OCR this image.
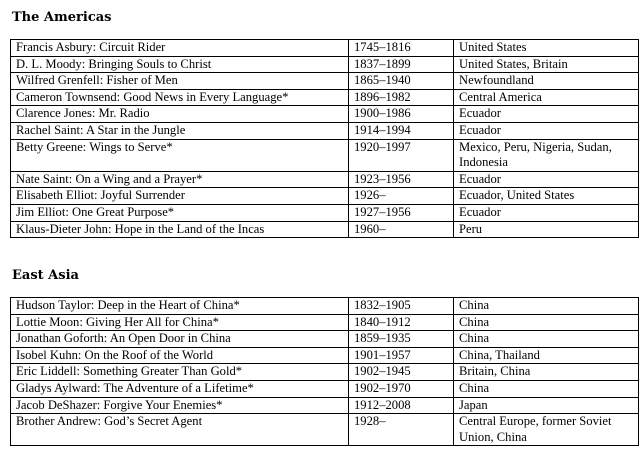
The Americas
Francis Asbury: Circuit Rider	1745–1816	United States
D. L. Moody: Bringing Souls to Christ	1837–1899	United States, Britain
Wilfred Grenfell: Fisher of Men	1865–1940	Newfoundland
Cameron Townsend: Good News in Every Language*	1896–1982	Central America
Clarence Jones: Mr. Radio	1900–1986	Ecuador
Rachel Saint: A Star in the Jungle	1914–1994	Ecuador
Betty Greene: Wings to Serve*	1920–1997	Mexico, Peru, Nigeria, Sudan, Indonesia
Nate Saint: On a Wing and a Prayer*	1923–1956	Ecuador
Elisabeth Elliot: Joyful Surrender	1926–	Ecuador, United States
Jim Elliot: One Great Purpose*	1927–1956	Ecuador
Klaus-Dieter John: Hope in the Land of the Incas	1960–	Peru
East Asia
Hudson Taylor: Deep in the Heart of China*	1832–1905	China
Lottie Moon: Giving Her All for China*	1840–1912	China
Jonathan Goforth: An Open Door in China	1859–1935	China
Isobel Kuhn: On the Roof of the World	1901–1957	China, Thailand
Eric Liddell: Something Greater Than Gold*	1902–1945	Britain, China
Gladys Aylward: The Adventure of a Lifetime*	1902–1970	China
Jacob DeShazer: Forgive Your Enemies*	1912–2008	Japan
Brother Andrew: God’s Secret Agent	1928–	Central Europe, former Soviet Union, China
